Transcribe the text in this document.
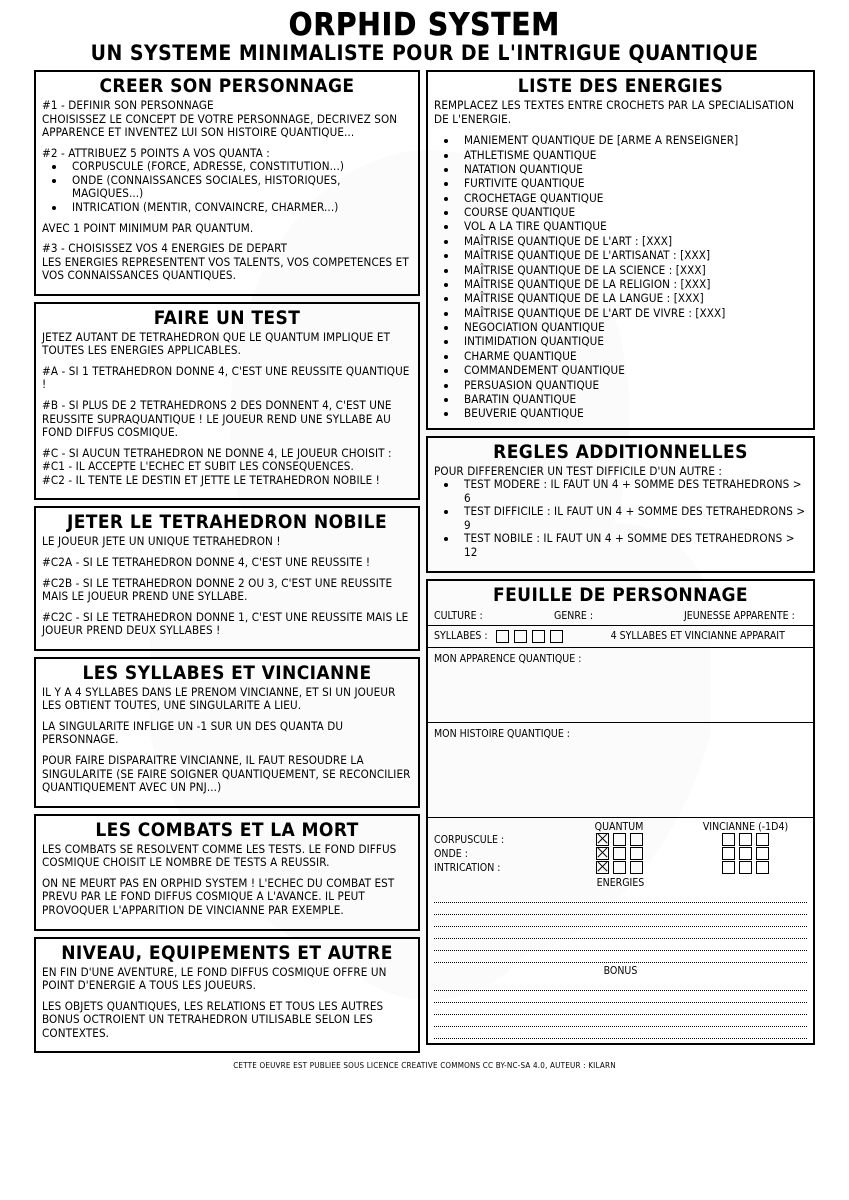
ORPHID SYSTEM
UN SYSTEME MINIMALISTE POUR DE L'INTRIGUE QUANTIQUE
CREER SON PERSONNAGE

#1 - DEFINIR SON PERSONNAGE

CHOISISSEZ LE CONCEPT DE VOTRE PERSONNAGE, DECRIVEZ SON APPARENCE ET INVENTEZ LUI SON HISTOIRE QUANTIQUE...

#2 - ATTRIBUEZ 5 POINTS A VOS QUANTA :

• CORPUSCULE (FORCE, ADRESSE, CONSTITUTION...)
• ONDE (CONNAISSANCES SOCIALES, HISTORIQUES, MAGIQUES...)
• INTRICATION (MENTIR, CONVAINCRE, CHARMER...)

AVEC 1 POINT MINIMUM PAR QUANTUM.

#3 - CHOISISSEZ VOS 4 ENERGIES DE DEPART

LES ENERGIES REPRESENTENT VOS TALENTS, VOS COMPETENCES ET VOS CONNAISSANCES QUANTIQUES.

FAIRE UN TEST

JETEZ AUTANT DE TETRAHEDRON QUE LE QUANTUM IMPLIQUE ET TOUTES LES ENERGIES APPLICABLES.

#A - SI 1 TETRAHEDRON DONNE 4, C'EST UNE REUSSITE QUANTIQUE !

#B - SI PLUS DE 2 TETRAHEDRONS 2 DES DONNENT 4, C'EST UNE REUSSITE SUPRAQUANTIQUE ! LE JOUEUR REND UNE SYLLABE AU FOND DIFFUS COSMIQUE.

#C - SI AUCUN TETRAHEDRON NE DONNE 4, LE JOUEUR CHOISIT :

#C1 - IL ACCEPTE L'ECHEC ET SUBIT LES CONSEQUENCES.

#C2 - IL TENTE LE DESTIN ET JETTE LE TETRAHEDRON NOBILE !

JETER LE TETRAHEDRON NOBILE

LE JOUEUR JETE UN UNIQUE TETRAHEDRON !

#C2A - SI LE TETRAHEDRON DONNE 4, C'EST UNE REUSSITE !

#C2B - SI LE TETRAHEDRON DONNE 2 OU 3, C'EST UNE REUSSITE MAIS LE JOUEUR PREND UNE SYLLABE.

#C2C - SI LE TETRAHEDRON DONNE 1, C'EST UNE REUSSITE MAIS LE JOUEUR PREND DEUX SYLLABES !

LES SYLLABES ET VINCIANNE

IL Y A 4 SYLLABES DANS LE PRENOM VINCIANNE, ET SI UN JOUEUR LES OBTIENT TOUTES, UNE SINGULARITE A LIEU.

LA SINGULARITE INFLIGE UN -1 SUR UN DES QUANTA DU PERSONNAGE.

POUR FAIRE DISPARAITRE VINCIANNE, IL FAUT RESOUDRE LA SINGULARITE (SE FAIRE SOIGNER QUANTIQUEMENT, SE RECONCILIER QUANTIQUEMENT AVEC UN PNJ...)

LES COMBATS ET LA MORT

LES COMBATS SE RESOLVENT COMME LES TESTS. LE FOND DIFFUS COSMIQUE CHOISIT LE NOMBRE DE TESTS A REUSSIR.

ON NE MEURT PAS EN ORPHID SYSTEM ! L'ECHEC DU COMBAT EST PREVU PAR LE FOND DIFFUS COSMIQUE A L'AVANCE. IL PEUT PROVOQUER L'APPARITION DE VINCIANNE PAR EXEMPLE.

NIVEAU, EQUIPEMENTS ET AUTRE

EN FIN D'UNE AVENTURE, LE FOND DIFFUS COSMIQUE OFFRE UN POINT D'ENERGIE A TOUS LES JOUEURS.

LES OBJETS QUANTIQUES, LES RELATIONS ET TOUS LES AUTRES BONUS OCTROIENT UN TETRAHEDRON UTILISABLE SELON LES CONTEXTES.

LISTE DES ENERGIES

REMPLACEZ LES TEXTES ENTRE CROCHETS PAR LA SPECIALISATION DE L'ENERGIE.

• MANIEMENT QUANTIQUE DE [ARME A RENSEIGNER]
• ATHLETISME QUANTIQUE
• NATATION QUANTIQUE
• FURTIVITE QUANTIQUE
• CROCHETAGE QUANTIQUE
• COURSE QUANTIQUE
• VOL A LA TIRE QUANTIQUE
• MAÎTRISE QUANTIQUE DE L'ART : [XXX]
• MAÎTRISE QUANTIQUE DE L'ARTISANAT : [XXX]
• MAÎTRISE QUANTIQUE DE LA SCIENCE : [XXX]
• MAÎTRISE QUANTIQUE DE LA RELIGION : [XXX]
• MAÎTRISE QUANTIQUE DE LA LANGUE : [XXX]
• MAÎTRISE QUANTIQUE DE L'ART DE VIVRE : [XXX]
• NEGOCIATION QUANTIQUE
• INTIMIDATION QUANTIQUE
• CHARME QUANTIQUE
• COMMANDEMENT QUANTIQUE
• PERSUASION QUANTIQUE
• BARATIN QUANTIQUE
• BEUVERIE QUANTIQUE
REGLES ADDITIONNELLES

POUR DIFFERENCIER UN TEST DIFFICILE D'UN AUTRE :

• TEST MODERE : IL FAUT UN 4 + SOMME DES TETRAHEDRONS > 6
• TEST DIFFICILE : IL FAUT UN 4 + SOMME DES TETRAHEDRONS > 9
• TEST NOBILE : IL FAUT UN 4 + SOMME DES TETRAHEDRONS > 12
FEUILLE DE PERSONNAGE
CULTURE :	GENRE :	JEUNESSE APPARENTE :
SYLLABES :	4 SYLLABES ET VINCIANNE APPARAIT
MON APPARENCE QUANTIQUE :
MON HISTOIRE QUANTIQUE :
QUANTUM	VINCIANNE (-1D4)
CORPUSCULE :
ONDE :
INTRICATION :
ENERGIES
BONUS
CETTE OEUVRE EST PUBLIEE SOUS LICENCE CREATIVE COMMONS CC BY-NC-SA 4.0, AUTEUR : KILARN
